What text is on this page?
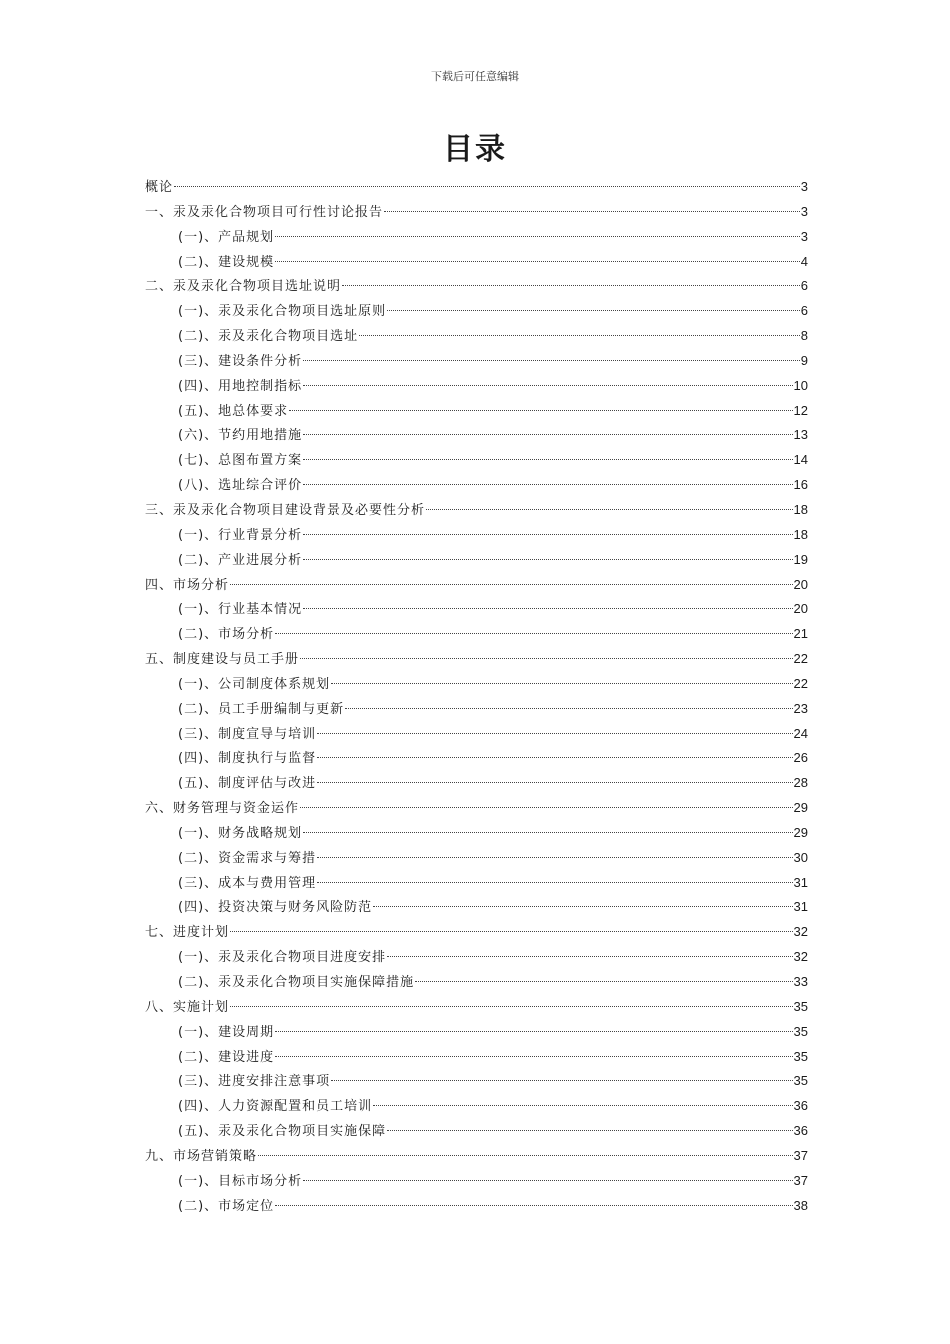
下载后可任意编辑
目录
概论	3
一、汞及汞化合物项目可行性讨论报告	3
(一)、产品规划	3
(二)、建设规模	4
二、汞及汞化合物项目选址说明	6
(一)、汞及汞化合物项目选址原则	6
(二)、汞及汞化合物项目选址	8
(三)、建设条件分析	9
(四)、用地控制指标	10
(五)、地总体要求	12
(六)、节约用地措施	13
(七)、总图布置方案	14
(八)、选址综合评价	16
三、汞及汞化合物项目建设背景及必要性分析	18
(一)、行业背景分析	18
(二)、产业进展分析	19
四、市场分析	20
(一)、行业基本情况	20
(二)、市场分析	21
五、制度建设与员工手册	22
(一)、公司制度体系规划	22
(二)、员工手册编制与更新	23
(三)、制度宣导与培训	24
(四)、制度执行与监督	26
(五)、制度评估与改进	28
六、财务管理与资金运作	29
(一)、财务战略规划	29
(二)、资金需求与筹措	30
(三)、成本与费用管理	31
(四)、投资决策与财务风险防范	31
七、进度计划	32
(一)、汞及汞化合物项目进度安排	32
(二)、汞及汞化合物项目实施保障措施	33
八、实施计划	35
(一)、建设周期	35
(二)、建设进度	35
(三)、进度安排注意事项	35
(四)、人力资源配置和员工培训	36
(五)、汞及汞化合物项目实施保障	36
九、市场营销策略	37
(一)、目标市场分析	37
(二)、市场定位	38
